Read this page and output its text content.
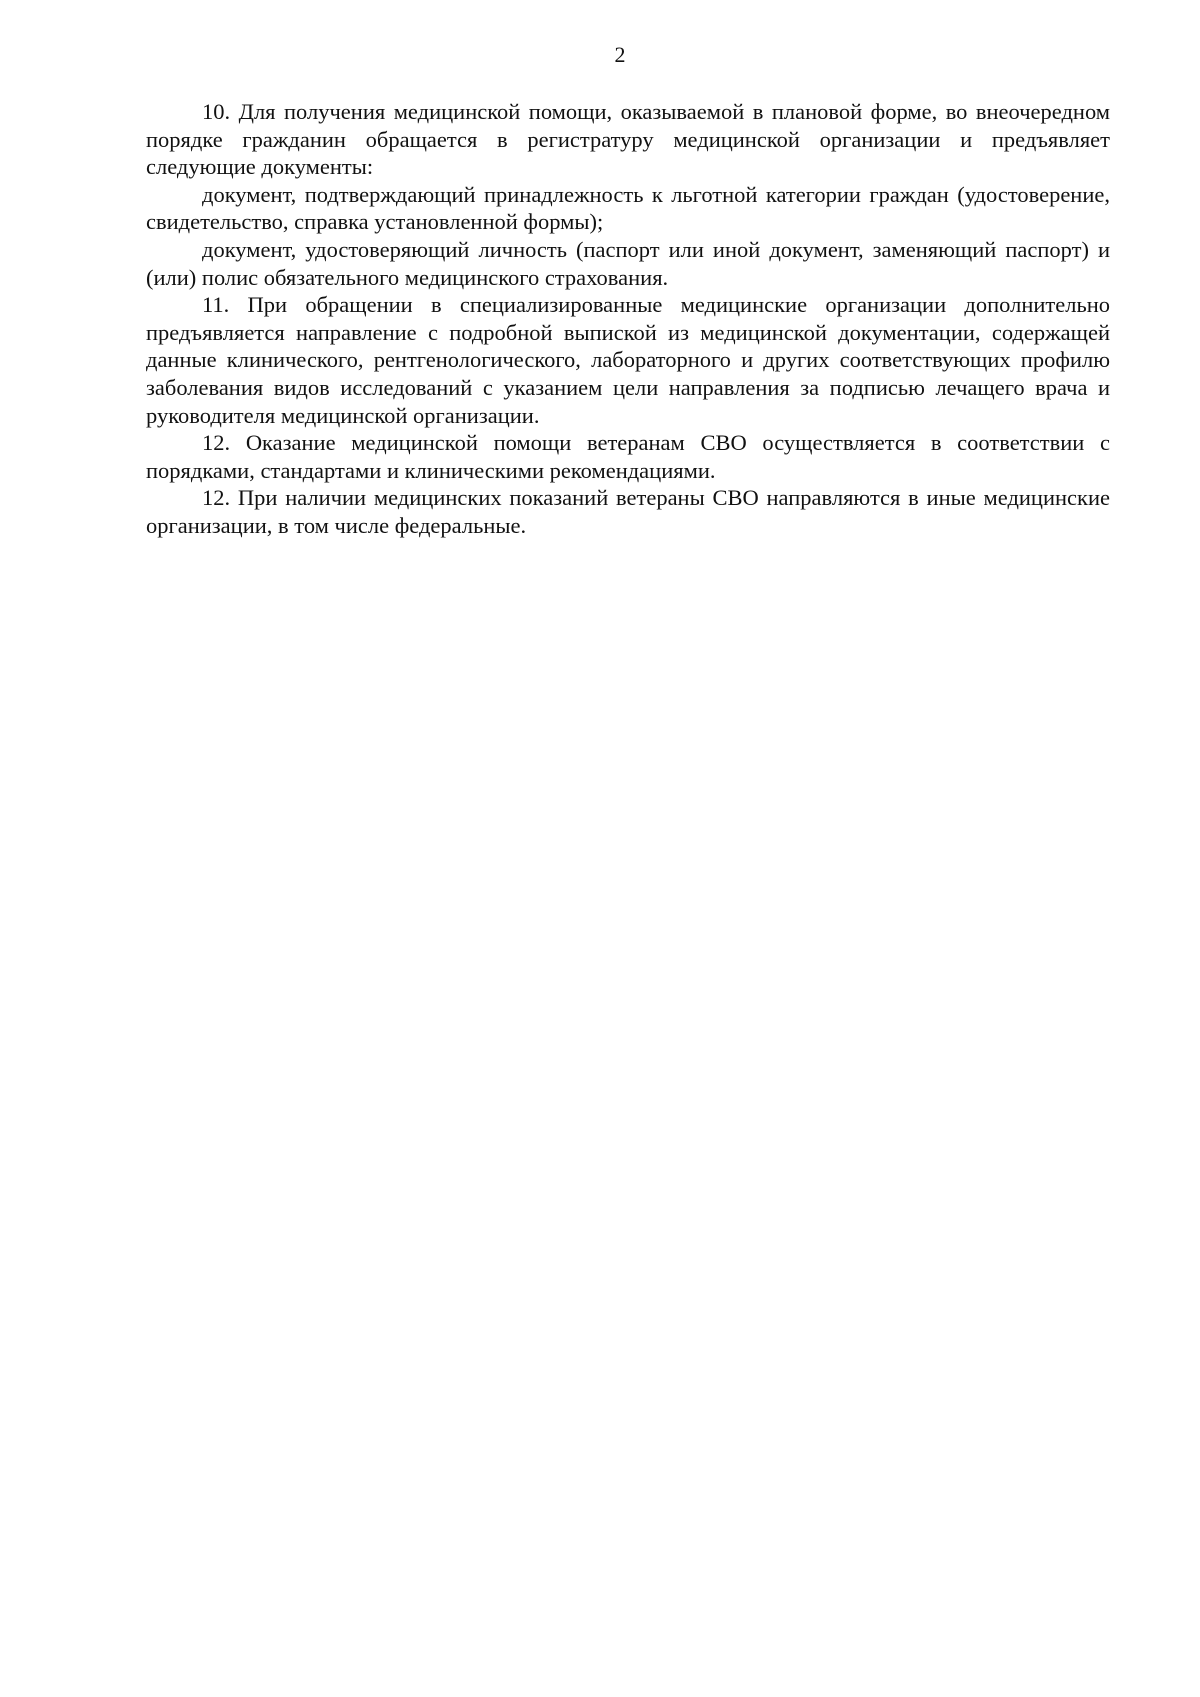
2

10. Для получения медицинской помощи, оказываемой в плановой форме, во внеочередном порядке гражданин обращается в регистратуру медицинской организации и предъявляет следующие документы:

документ, подтверждающий принадлежность к льготной категории граждан (удостоверение, свидетельство, справка установленной формы);

документ, удостоверяющий личность (паспорт или иной документ, заменяющий паспорт) и (или) полис обязательного медицинского страхования.

11. При обращении в специализированные медицинские организации дополнительно предъявляется направление с подробной выпиской из медицинской документации, содержащей данные клинического, рентгенологического, лабораторного и других соответствующих профилю заболевания видов исследований с указанием цели направления за подписью лечащего врача и руководителя медицинской организации.

12. Оказание медицинской помощи ветеранам СВО осуществляется в соответствии с порядками, стандартами и клиническими рекомендациями.

12. При наличии медицинских показаний ветераны СВО направляются в иные медицинские организации, в том числе федеральные.
